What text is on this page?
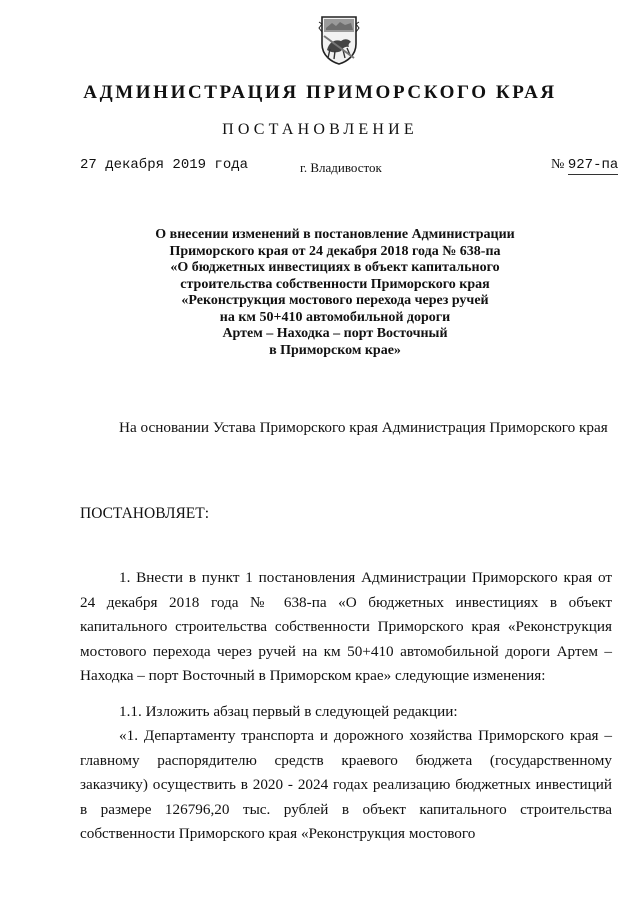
АДМИНИСТРАЦИЯ ПРИМОРСКОГО КРАЯ
ПОСТАНОВЛЕНИЕ
27 декабря 2019 года	г. Владивосток	№ 927-па
О внесении изменений в постановление Администрации
Приморского края от 24 декабря 2018 года № 638-па
«О бюджетных инвестициях в объект капитального
строительства собственности Приморского края
«Реконструкция мостового перехода через ручей
на км 50+410 автомобильной дороги
Артем – Находка – порт Восточный
в Приморском крае»
На основании Устава Приморского края Администрация Приморского края
ПОСТАНОВЛЯЕТ:
1. Внести в пункт 1 постановления Администрации Приморского края от 24 декабря 2018 года № 638-па «О бюджетных инвестициях в объект капитального строительства собственности Приморского края «Реконструкция мостового перехода через ручей на км 50+410 автомобильной дороги Артем – Находка – порт Восточный в Приморском крае» следующие изменения:
1.1. Изложить абзац первый в следующей редакции:
«1. Департаменту транспорта и дорожного хозяйства Приморского края – главному распорядителю средств краевого бюджета (государственному заказчику) осуществить в 2020 - 2024 годах реализацию бюджетных инвестиций в размере 126796,20 тыс. рублей в объект капитального строительства собственности Приморского края «Реконструкция мостового
